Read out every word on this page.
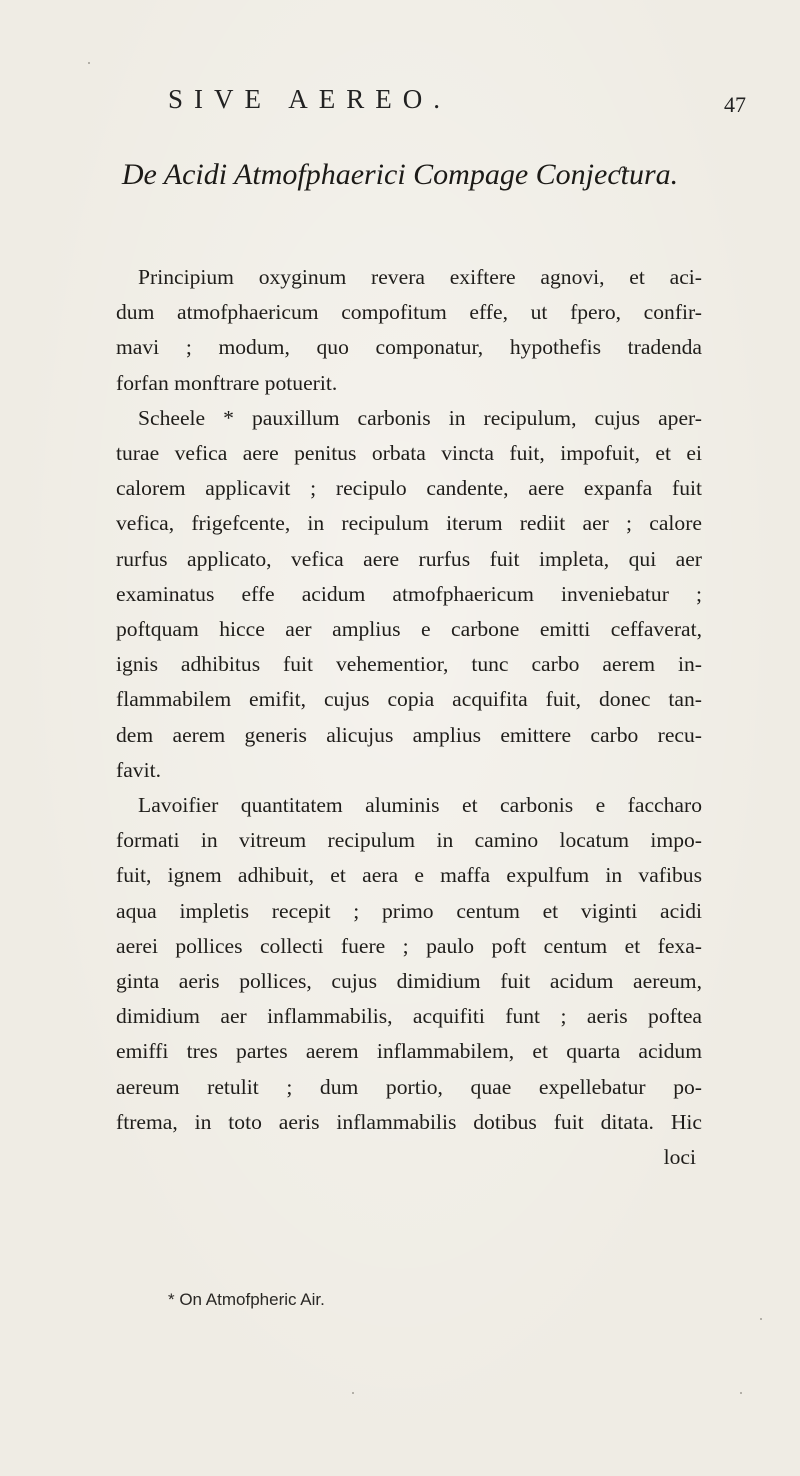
SIVE AEREO.	47
De Acidi Atmofphaerici Compage Conjeƈtura.
Principium oxyginum revera exiftere agnovi, et aci-
dum atmofphaericum compofitum effe, ut fpero, confir-
mavi ; modum, quo componatur, hypothefis tradenda
forfan monftrare potuerit.
Scheele * pauxillum carbonis in recipulum, cujus aper-
turae vefica aere penitus orbata vincta fuit, impofuit, et ei
calorem applicavit ; recipulo candente, aere expanfa fuit
vefica, frigefcente, in recipulum iterum rediit aer ; calore
rurfus applicato, vefica aere rurfus fuit impleta, qui aer
examinatus effe acidum atmofphaericum inveniebatur ;
poftquam hicce aer amplius e carbone emitti ceffaverat,
ignis adhibitus fuit vehementior, tunc carbo aerem in-
flammabilem emifit, cujus copia acquifita fuit, donec tan-
dem aerem generis alicujus amplius emittere carbo recu-
favit.
Lavoifier quantitatem aluminis et carbonis e faccharo
formati in vitreum recipulum in camino locatum impo-
fuit, ignem adhibuit, et aera e maffa expulfum in vafibus
aqua impletis recepit ; primo centum et viginti acidi
aerei pollices collecti fuere ; paulo poft centum et fexa-
ginta aeris pollices, cujus dimidium fuit acidum aereum,
dimidium aer inflammabilis, acquifiti funt ; aeris poftea
emiffi tres partes aerem inflammabilem, et quarta acidum
aereum retulit ; dum portio, quae expellebatur po-
ftrema, in toto aeris inflammabilis dotibus fuit ditata. Hic
loci
* On Atmofpheric Air.
